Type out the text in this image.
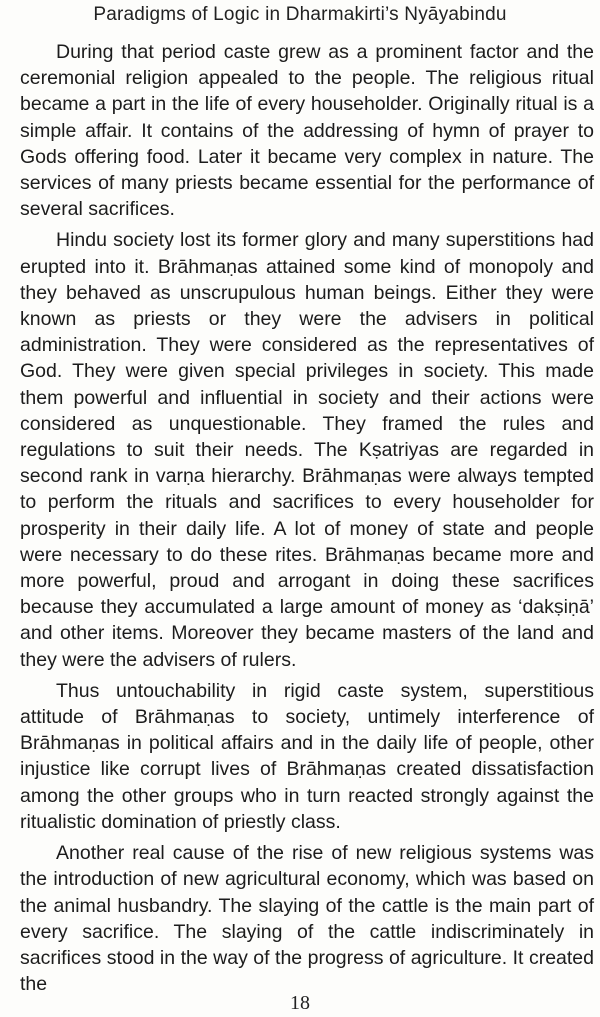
Paradigms of Logic in Dharmakirti’s Nyāyabindu

During that period caste grew as a prominent factor and the ceremonial religion appealed to the people. The religious ritual became a part in the life of every householder. Originally ritual is a simple affair. It contains of the addressing of hymn of prayer to Gods offering food. Later it became very complex in nature. The services of many priests became essential for the performance of several sacrifices.

Hindu society lost its former glory and many superstitions had erupted into it. Brāhmaṇas attained some kind of monopoly and they behaved as unscrupulous human beings. Either they were known as priests or they were the advisers in political administration. They were considered as the representatives of God. They were given special privileges in society. This made them powerful and influential in society and their actions were considered as unquestionable. They framed the rules and regulations to suit their needs. The Kṣatriyas are regarded in second rank in varṇa hierarchy. Brāhmaṇas were always tempted to perform the rituals and sacrifices to every householder for prosperity in their daily life. A lot of money of state and people were necessary to do these rites. Brāhmaṇas became more and more powerful, proud and arrogant in doing these sacrifices because they accumulated a large amount of money as ‘dakṣiṇā’ and other items. Moreover they became masters of the land and they were the advisers of rulers.

Thus untouchability in rigid caste system, superstitious attitude of Brāhmaṇas to society, untimely interference of Brāhmaṇas in political affairs and in the daily life of people, other injustice like corrupt lives of Brāhmaṇas created dissatisfaction among the other groups who in turn reacted strongly against the ritualistic domination of priestly class.

Another real cause of the rise of new religious systems was the introduction of new agricultural economy, which was based on the animal husbandry. The slaying of the cattle is the main part of every sacrifice. The slaying of the cattle indiscriminately in sacrifices stood in the way of the progress of agriculture. It created the

18
